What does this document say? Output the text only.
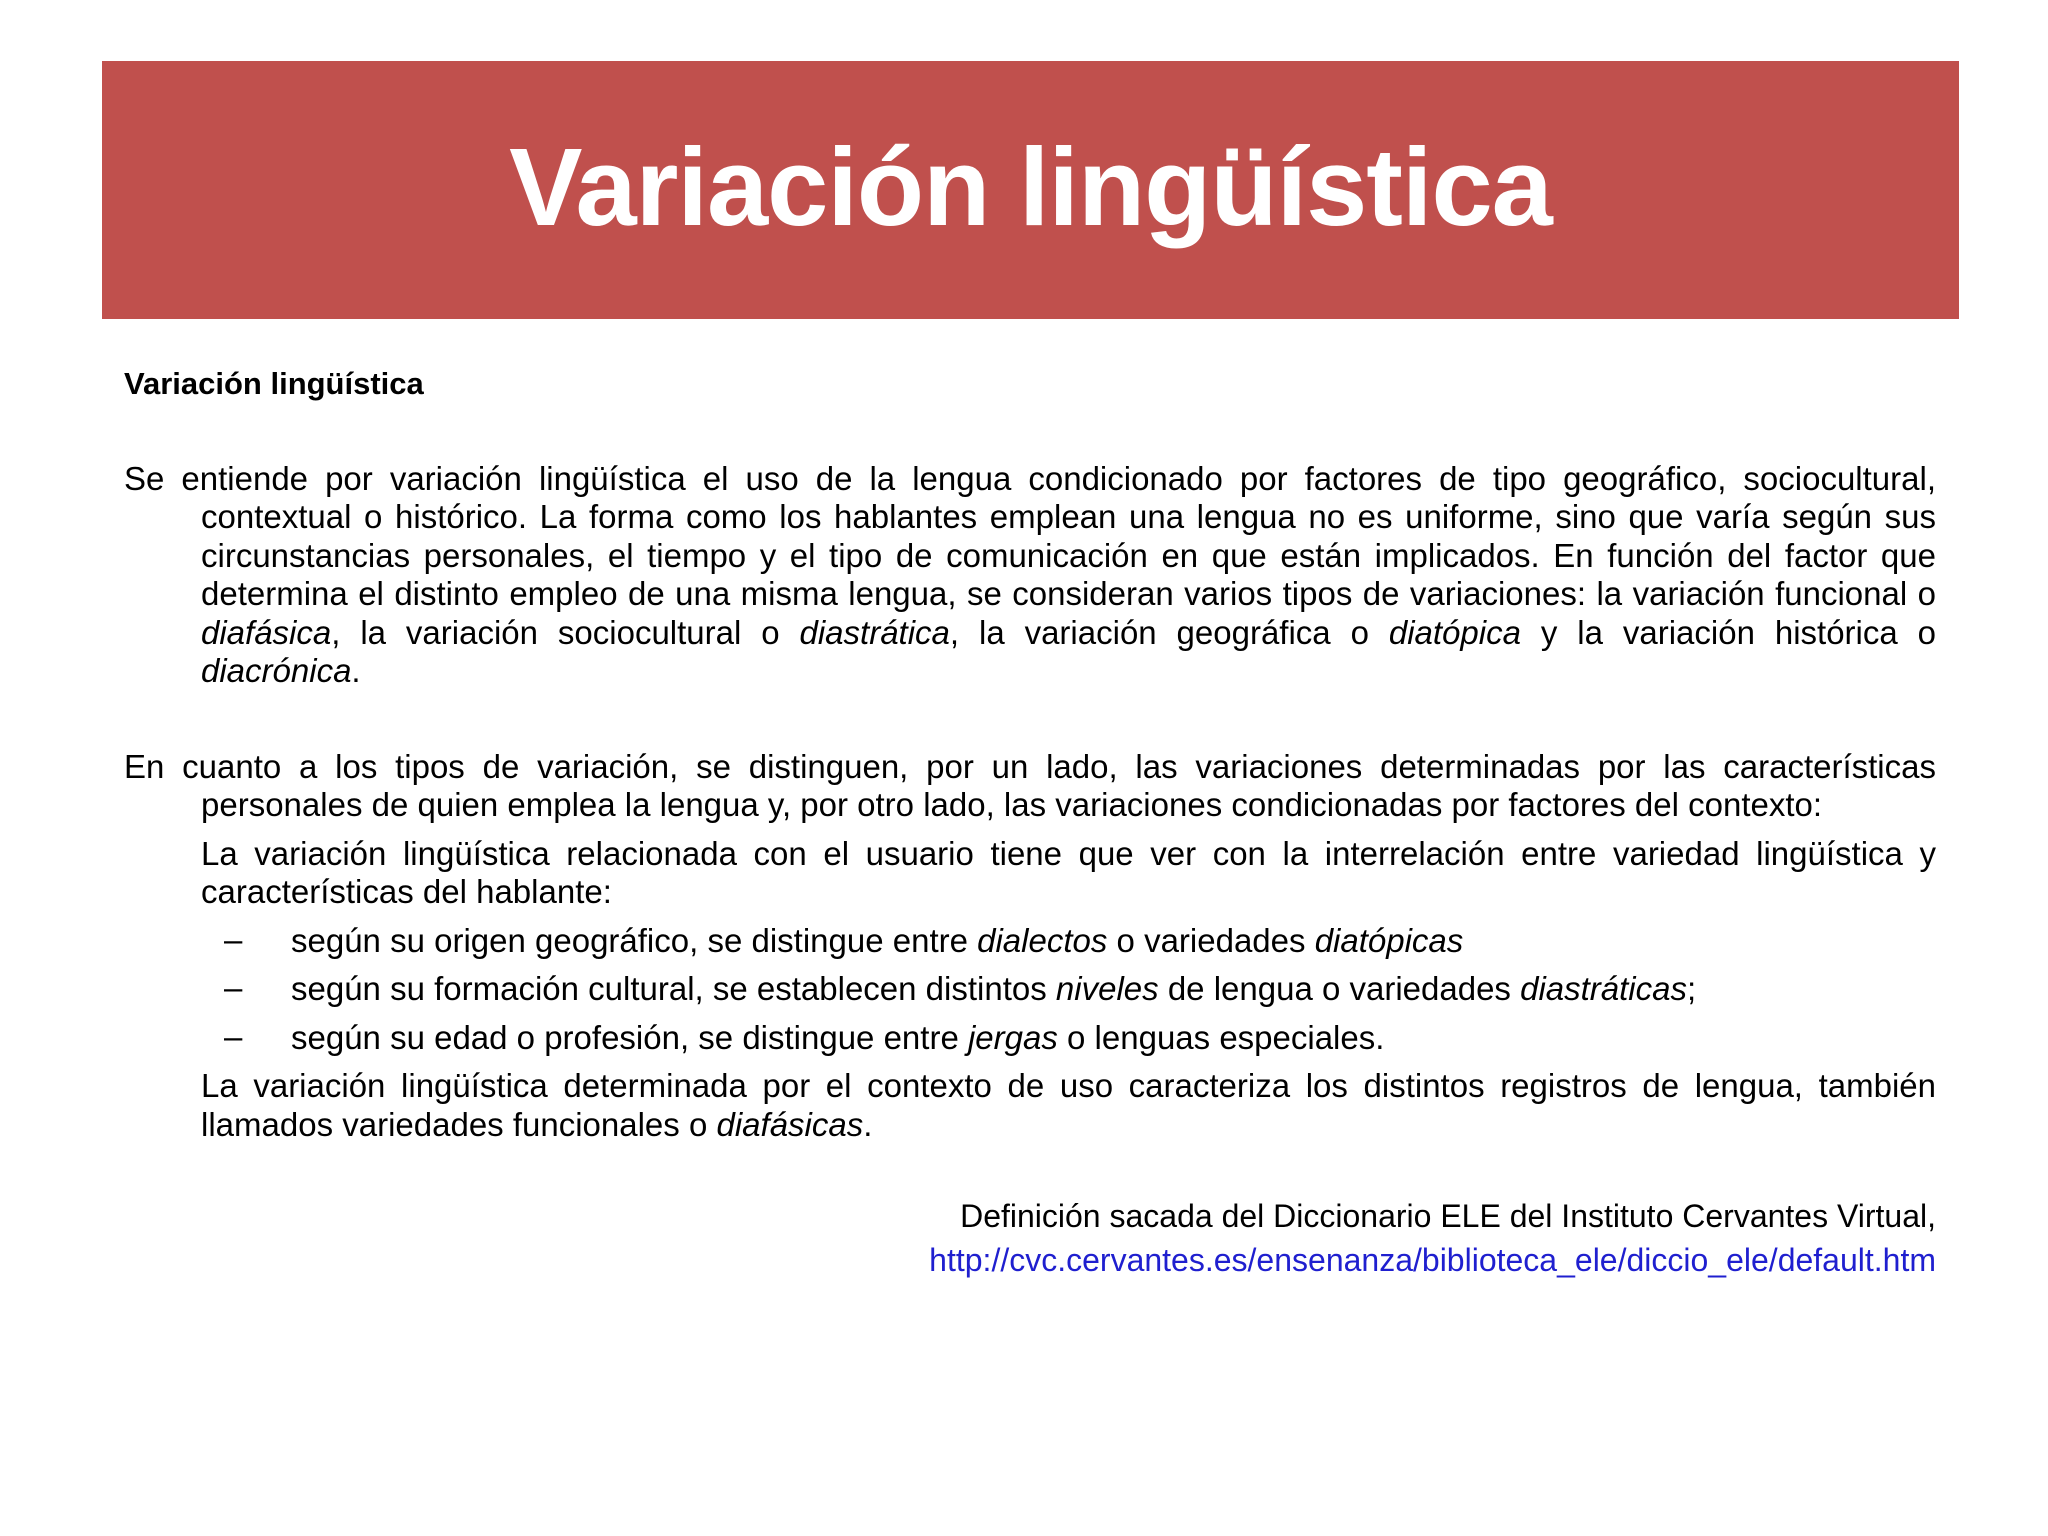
Variación lingüística

Variación lingüística

Se entiende por variación lingüística el uso de la lengua condicionado por factores de tipo geográfico, sociocultural, contextual o histórico. La forma como los hablantes emplean una lengua no es uniforme, sino que varía según sus circunstancias personales, el tiempo y el tipo de comunicación en que están implicados. En función del factor que determina el distinto empleo de una misma lengua, se consideran varios tipos de variaciones: la variación funcional o diafásica, la variación sociocultural o diastrática, la variación geográfica o diatópica y la variación histórica o diacrónica.

En cuanto a los tipos de variación, se distinguen, por un lado, las variaciones determinadas por las características personales de quien emplea la lengua y, por otro lado, las variaciones condicionadas por factores del contexto:

La variación lingüística relacionada con el usuario tiene que ver con la interrelación entre variedad lingüística y características del hablante:

– según su origen geográfico, se distingue entre dialectos o variedades diatópicas
– según su formación cultural, se establecen distintos niveles de lengua o variedades diastráticas;
– según su edad o profesión, se distingue entre jergas o lenguas especiales.

La variación lingüística determinada por el contexto de uso caracteriza los distintos registros de lengua, también llamados variedades funcionales o diafásicas.

Definición sacada del Diccionario ELE del Instituto Cervantes Virtual,
http://cvc.cervantes.es/ensenanza/biblioteca_ele/diccio_ele/default.htm
